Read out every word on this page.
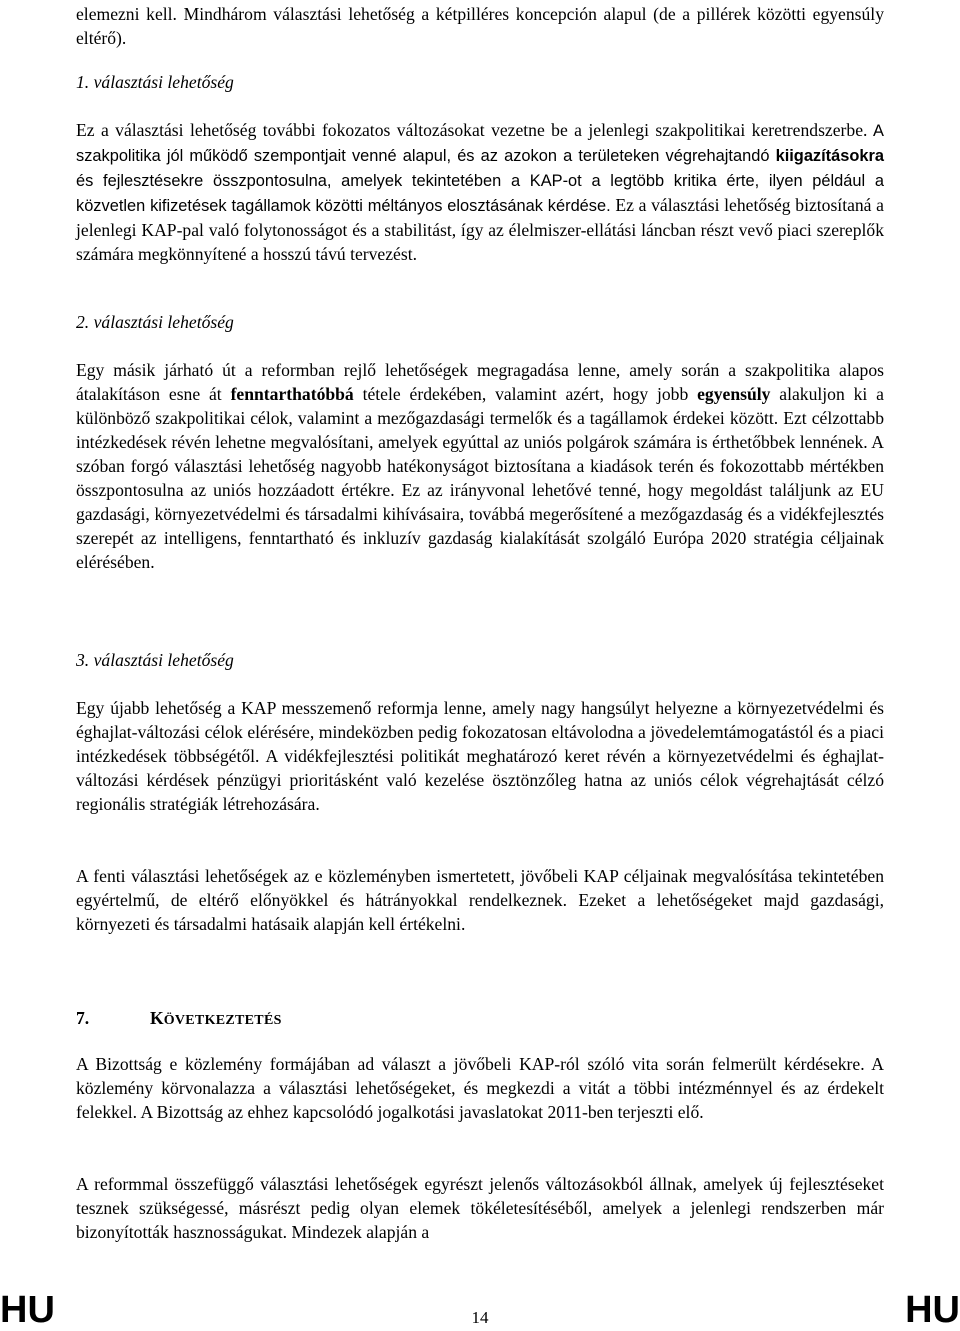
elemezni kell. Mindhárom választási lehetőség a kétpilléres koncepción alapul (de a pillérek közötti egyensúly eltérő).

1. választási lehetőség

Ez a választási lehetőség további fokozatos változásokat vezetne be a jelenlegi szakpolitikai keretrendszerbe. A szakpolitika jól működő szempontjait venné alapul, és az azokon a területeken végrehajtandó kiigazításokra és fejlesztésekre összpontosulna, amelyek tekintetében a KAP-ot a legtöbb kritika érte, ilyen például a közvetlen kifizetések tagállamok közötti méltányos elosztásának kérdése. Ez a választási lehetőség biztosítaná a jelenlegi KAP-pal való folytonosságot és a stabilitást, így az élelmiszer-ellátási láncban részt vevő piaci szereplők számára megkönnyítené a hosszú távú tervezést.

2. választási lehetőség

Egy másik járható út a reformban rejlő lehetőségek megragadása lenne, amely során a szakpolitika alapos átalakításon esne át fenntarthatóbbá tétele érdekében, valamint azért, hogy jobb egyensúly alakuljon ki a különböző szakpolitikai célok, valamint a mezőgazdasági termelők és a tagállamok érdekei között. Ezt célzottabb intézkedések révén lehetne megvalósítani, amelyek egyúttal az uniós polgárok számára is érthetőbbek lennének. A szóban forgó választási lehetőség nagyobb hatékonyságot biztosítana a kiadások terén és fokozottabb mértékben összpontosulna az uniós hozzáadott értékre. Ez az irányvonal lehetővé tenné, hogy megoldást találjunk az EU gazdasági, környezetvédelmi és társadalmi kihívásaira, továbbá megerősítené a mezőgazdaság és a vidékfejlesztés szerepét az intelligens, fenntartható és inkluzív gazdaság kialakítását szolgáló Európa 2020 stratégia céljainak elérésében.

3. választási lehetőség

Egy újabb lehetőség a KAP messzemenő reformja lenne, amely nagy hangsúlyt helyezne a környezetvédelmi és éghajlat-változási célok elérésére, mindeközben pedig fokozatosan eltávolodna a jövedelemtámogatástól és a piaci intézkedések többségétől. A vidékfejlesztési politikát meghatározó keret révén a környezetvédelmi és éghajlat-változási kérdések pénzügyi prioritásként való kezelése ösztönzőleg hatna az uniós célok végrehajtását célzó regionális stratégiák létrehozására.

A fenti választási lehetőségek az e közleményben ismertetett, jövőbeli KAP céljainak megvalósítása tekintetében egyértelmű, de eltérő előnyökkel és hátrányokkal rendelkeznek. Ezeket a lehetőségeket majd gazdasági, környezeti és társadalmi hatásaik alapján kell értékelni.

7.	KÖVETKEZTETÉS

A Bizottság e közlemény formájában ad választ a jövőbeli KAP-ról szóló vita során felmerült kérdésekre. A közlemény körvonalazza a választási lehetőségeket, és megkezdi a vitát a többi intézménnyel és az érdekelt felekkel. A Bizottság az ehhez kapcsolódó jogalkotási javaslatokat 2011-ben terjeszti elő.

A reformmal összefüggő választási lehetőségek egyrészt jelenős változásokból állnak, amelyek új fejlesztéseket tesznek szükségessé, másrészt pedig olyan elemek tökéletesítéséből, amelyek a jelenlegi rendszerben már bizonyították hasznosságukat. Mindezek alapján a

HU	14	HU
